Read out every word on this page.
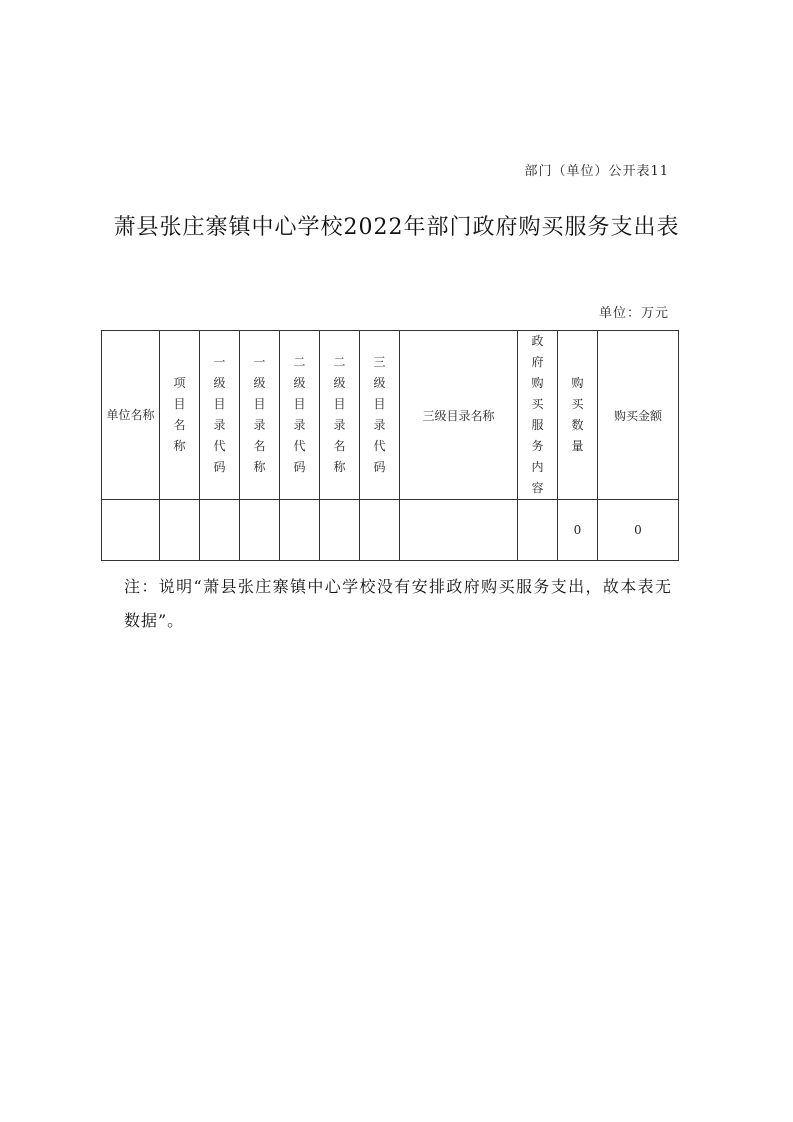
部门（单位）公开表11
萧县张庄寨镇中心学校2022年部门政府购买服务支出表
单位：万元
单位名称	项目名称	一级目录代码	一级目录名称	二级目录代码	二级目录名称	三级目录代码	三级目录名称	政府购买服务内容	购买数量	购买金额
									0	0
注：说明“萧县张庄寨镇中心学校没有安排政府购买服务支出，故本表无数据”。
